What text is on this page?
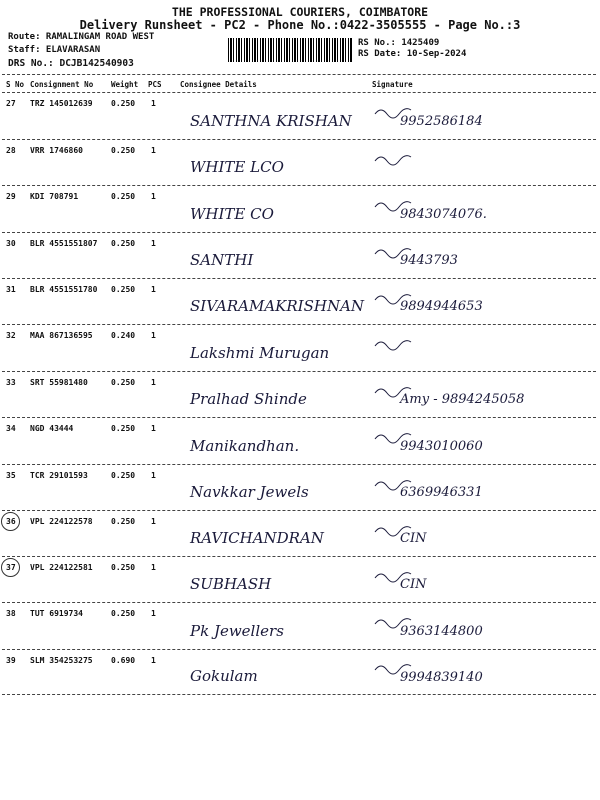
THE PROFESSIONAL COURIERS, COIMBATORE
Delivery Runsheet - PC2 - Phone No.:0422-3505555 - Page No.:3
Route: RAMALINGAM ROAD WEST
Staff: ELAVARASAN
DRS No.: DCJB142540903
RS No.: 1425409
RS Date: 10-Sep-2024
S No Consignment No Weight PCS Consignee Details	Signature
27 TRZ 145012639 0.250 1
SANTHNA KRISHAN	9952586184
28 VRR 1746860	0.250 1
WHITE LCO
29 KDI 708791	0.250 1
WHITE CO	9843074076.
30 BLR 4551551807 0.250 1
SANTHI	9443793
31 BLR 4551551780 0.250 1
SIVARAMAKRISHNAN	9894944653
32 MAA 867136595 0.240 1
Lakshmi Murugan
33 SRT 55981480	0.250 1
Pralhad Shinde	Amy - 9894245058
34 NGD 43444	0.250 1
Manikandhan.	9943010060
35 TCR 29101593	0.250 1
Navkkar Jewels	6369946331
36 VPL 224122578 0.250 1
RAVICHANDRAN	CIN
37 VPL 224122581 0.250 1
SUBHASH	CIN
38 TUT 6919734	0.250 1
Pk Jewellers	9363144800
39 SLM 354253275 0.690 1
Gokulam	9994839140
